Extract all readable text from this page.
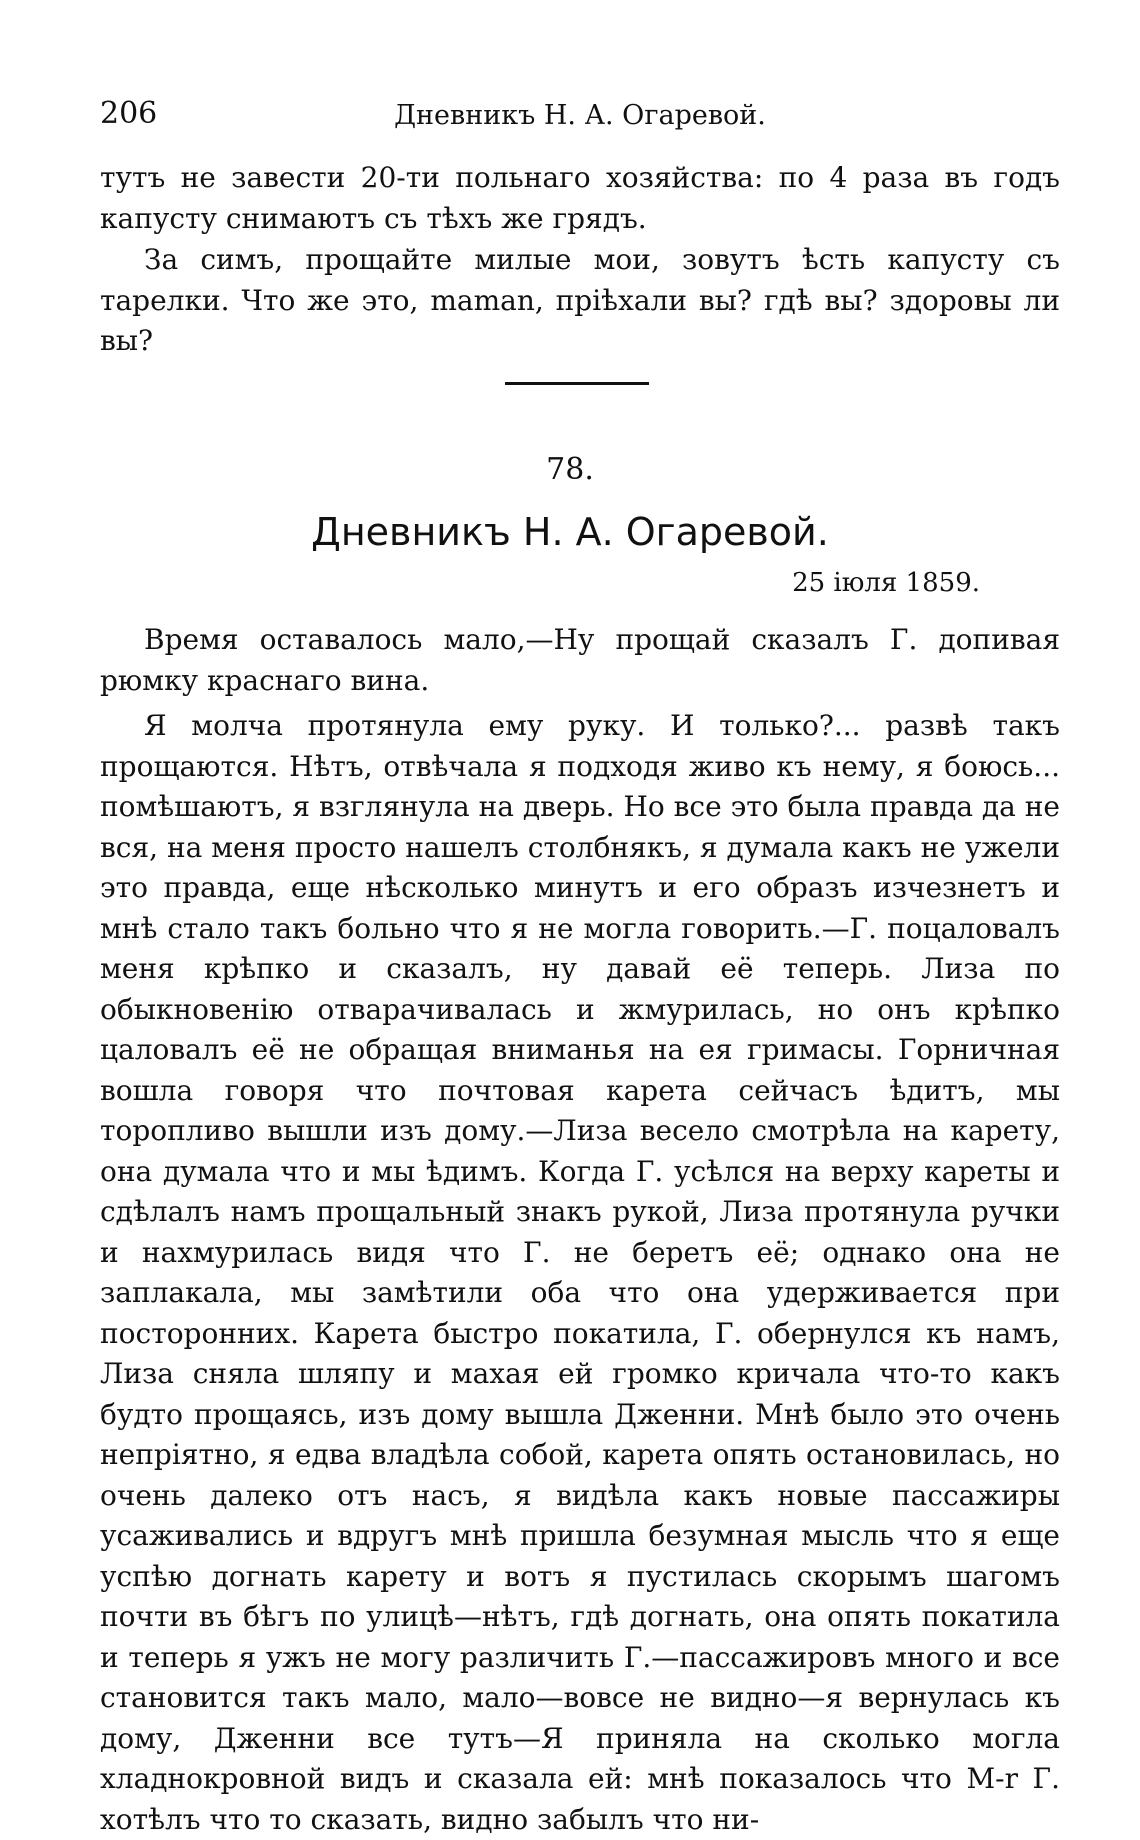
206	Дневникъ Н. А. Огаревой.

тутъ не завести 20-ти польнаго хозяйства: по 4 раза въ годъ капусту снимаютъ съ тѣхъ же грядъ.

За симъ, прощайте милые мои, зовутъ ѣсть капусту съ тарелки. Что же это, maman, пріѣхали вы? гдѣ вы? здоровы ли вы?

78.
Дневникъ Н. А. Огаревой.
25 іюля 1859.

Время оставалось мало,—Ну прощай сказалъ Г. допивая рюмку краснаго вина.

Я молча протянула ему руку. И только?... развѣ такъ прощаются. Нѣтъ, отвѣчала я подходя живо къ нему, я боюсь... помѣшаютъ, я взглянула на дверь. Но все это была правда да не вся, на меня просто нашелъ столбнякъ, я думала какъ не ужели это правда, еще нѣсколько минутъ и его образъ изчезнетъ и мнѣ стало такъ больно что я не могла говорить.—Г. поцаловалъ меня крѣпко и сказалъ, ну давай её теперь. Лиза по обыкновенію отварачивалась и жмурилась, но онъ крѣпко цаловалъ её не обращая вниманья на ея гримасы. Горничная вошла говоря что почтовая карета сейчасъ ѣдитъ, мы торопливо вышли изъ дому.—Лиза весело смотрѣла на карету, она думала что и мы ѣдимъ. Когда Г. усѣлся на верху кареты и сдѣлалъ намъ прощальный знакъ рукой, Лиза протянула ручки и нахмурилась видя что Г. не беретъ её; однако она не заплакала, мы замѣтили оба что она удерживается при посторонних. Карета быстро покатила, Г. обернулся къ намъ, Лиза сняла шляпу и махая ей громко кричала что-то какъ будто прощаясь, изъ дому вышла Дженни. Мнѣ было это очень непріятно, я едва владѣла собой, карета опять остановилась, но очень далеко отъ насъ, я видѣла какъ новые пассажиры усаживались и вдругъ мнѣ пришла безумная мысль что я еще успѣю догнать карету и вотъ я пустилась скорымъ шагомъ почти въ бѣгъ по улицѣ—нѣтъ, гдѣ догнать, она опять покатила и теперь я ужъ не могу различить Г.—пассажировъ много и все становится такъ мало, мало—вовсе не видно—я вернулась къ дому, Дженни все тутъ—Я приняла на сколько могла хладнокровной видъ и сказала ей: мнѣ показалось что M-r Г. хотѣлъ что то сказать, видно забылъ что ни-
